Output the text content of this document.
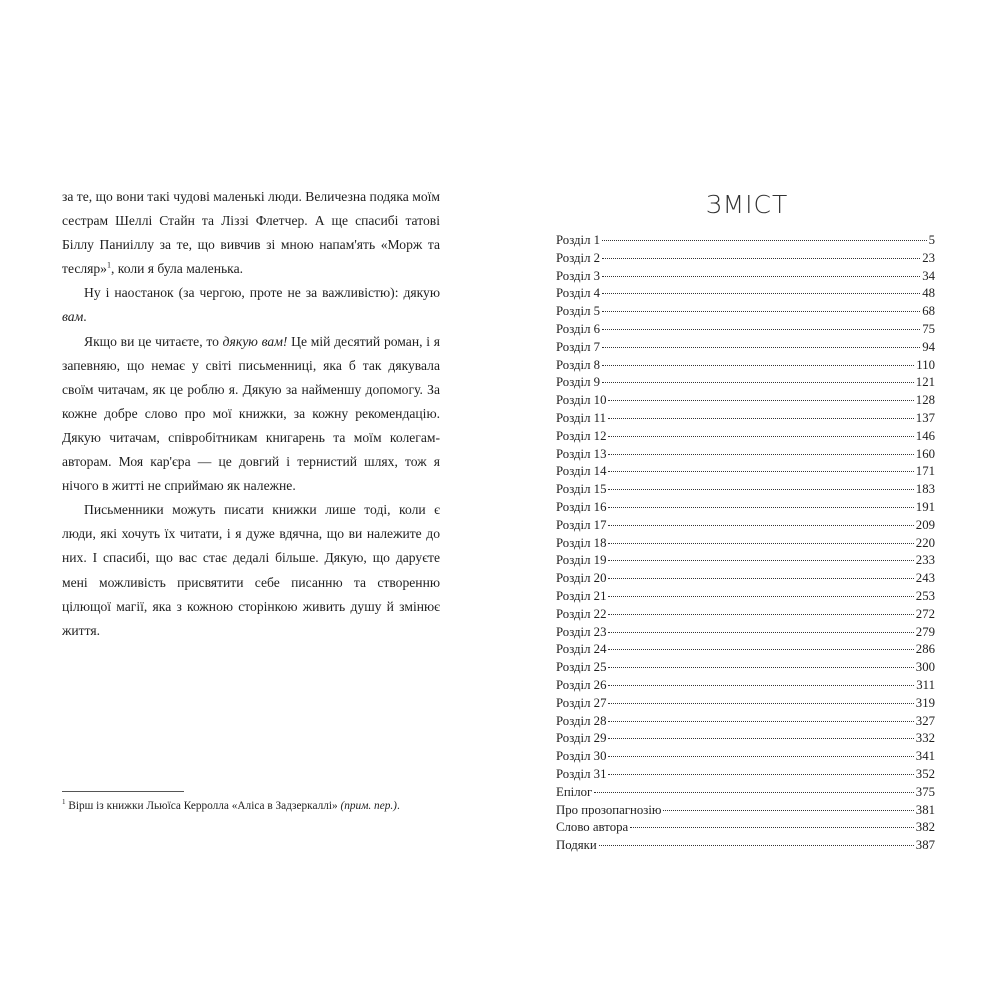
за те, що вони такі чудові маленькі люди. Величезна подяка моїм сестрам Шеллі Стайн та Ліззі Флетчер. А ще спасибі татові Біллу Паниіллу за те, що вивчив зі мною напам'ять «Морж та тесляр»$^1$, коли я була маленька.

Ну і наостанок (за чергою, проте не за важливістю): дякую вам.

Якщо ви це читаєте, то дякую вам! Це мій десятий роман, і я запевняю, що немає у світі письменниці, яка б так дякувала своїм читачам, як це роблю я. Дякую за найменшу допомогу. За кожне добре слово про мої книжки, за кожну рекомендацію. Дякую читачам, співробітникам книгарень та моїм колегам-авторам. Моя кар'єра — це довгий і тернистий шлях, тож я нічого в житті не сприймаю як належне.

Письменники можуть писати книжки лише тоді, коли є люди, які хочуть їх читати, і я дуже вдячна, що ви належите до них. І спасибі, що вас стає дедалі більше. Дякую, що даруєте мені можливість присвятити себе писанню та створенню цілющої магії, яка з кожною сторінкою живить душу й змінює життя.

$^1$ Вірш із книжки Льюїса Керролла «Аліса в Задзеркаллі» (прим. пер.).
ЗМІСТ
Розділ 1	5
Розділ 2	23
Розділ 3	34
Розділ 4	48
Розділ 5	68
Розділ 6	75
Розділ 7	94
Розділ 8	110
Розділ 9	121
Розділ 10	128
Розділ 11	137
Розділ 12	146
Розділ 13	160
Розділ 14	171
Розділ 15	183
Розділ 16	191
Розділ 17	209
Розділ 18	220
Розділ 19	233
Розділ 20	243
Розділ 21	253
Розділ 22	272
Розділ 23	279
Розділ 24	286
Розділ 25	300
Розділ 26	311
Розділ 27	319
Розділ 28	327
Розділ 29	332
Розділ 30	341
Розділ 31	352
Епілог	375
Про прозопагнозію	381
Слово автора	382
Подяки	387
